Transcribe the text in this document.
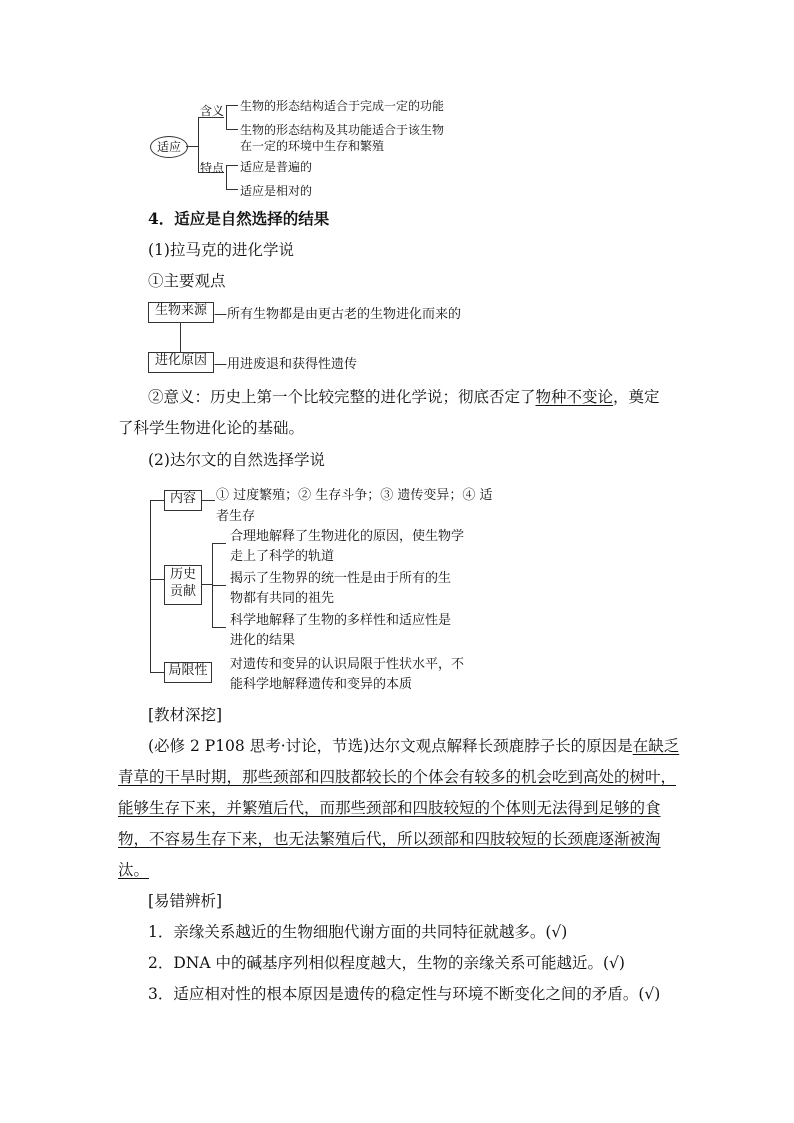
适应
含义
特点
生物的形态结构适合于完成一定的功能
生物的形态结构及其功能适合于该生物
在一定的环境中生存和繁殖
适应是普遍的
适应是相对的
4．适应是自然选择的结果
(1)拉马克的进化学说
①主要观点
生物来源 —所有生物都是由更古老的生物进化而来的
进化原因 —用进废退和获得性遗传
②意义：历史上第一个比较完整的进化学说；彻底否定了物种不变论，奠定
了科学生物进化论的基础。
(2)达尔文的自然选择学说
内容	① 过度繁殖；② 生存斗争；③ 遗传变异；④ 适
者生存
历史
贡献
合理地解释了生物进化的原因，使生物学
走上了科学的轨道
揭示了生物界的统一性是由于所有的生
物都有共同的祖先
科学地解释了生物的多样性和适应性是
进化的结果
局限性	对遗传和变异的认识局限于性状水平，不
能科学地解释遗传和变异的本质
[教材深挖]
(必修 2 P108 思考·讨论，节选)达尔文观点解释长颈鹿脖子长的原因是在缺乏
青草的干旱时期，那些颈部和四肢都较长的个体会有较多的机会吃到高处的树叶，
能够生存下来，并繁殖后代，而那些颈部和四肢较短的个体则无法得到足够的食
物，不容易生存下来，也无法繁殖后代，所以颈部和四肢较短的长颈鹿逐渐被淘
汰。
[易错辨析]
1．亲缘关系越近的生物细胞代谢方面的共同特征就越多。(√)
2．DNA 中的碱基序列相似程度越大，生物的亲缘关系可能越近。(√)
3．适应相对性的根本原因是遗传的稳定性与环境不断变化之间的矛盾。(√)
